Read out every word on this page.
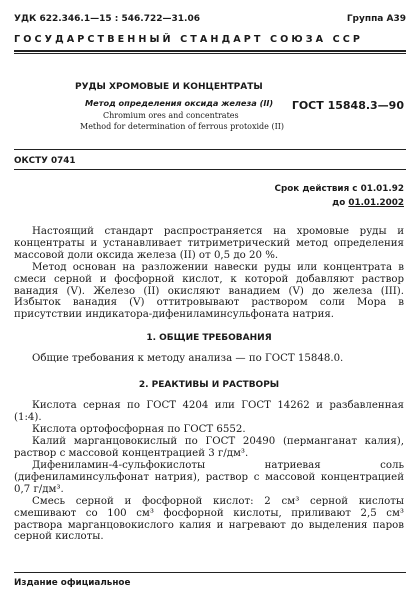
УДК 622.346.1—15 : 546.722—31.06	Группа А39
ГОСУДАРСТВЕННЫЙ СТАНДАРТ СОЮЗА ССР
РУДЫ ХРОМОВЫЕ И КОНЦЕНТРАТЫ
Метод определения оксида железа (II)
Chromium ores and concentrates
Method for determination of ferrous protoxide (II)
ГОСТ 15848.3—90
ОКСТУ 0741
Срок действия с 01.01.92
до 01.01.2002
Настоящий стандарт распространяется на хромовые руды и концентраты и устанавливает титриметрический метод определения массовой доли оксида железа (II) от 0,5 до 20 %.
Метод основан на разложении навески руды или концентрата в смеси серной и фосфорной кислот, к которой добавляют раствор ванадия (V). Железо (II) окисляют ванадием (V) до железа (III). Избыток ванадия (V) оттитровывают раствором соли Мора в присутствии индикатора-дифениламинсульфоната натрия.
1. ОБЩИЕ ТРЕБОВАНИЯ
Общие требования к методу анализа — по ГОСТ 15848.0.
2. РЕАКТИВЫ И РАСТВОРЫ
Кислота серная по ГОСТ 4204 или ГОСТ 14262 и разбавленная (1:4).
Кислота ортофосфорная по ГОСТ 6552.
Калий марганцовокислый по ГОСТ 20490 (перманганат калия), раствор с массовой концентрацией 3 г/дм³.
Дифениламин-4-сульфокислоты натриевая соль (дифениламинсульфонат натрия), раствор с массовой концентрацией 0,7 г/дм³.
Смесь серной и фосфорной кислот: 2 см³ серной кислоты смешивают со 100 см³ фосфорной кислоты, приливают 2,5 см³ раствора марганцовокислого калия и нагревают до выделения паров серной кислоты.
Издание официальное
